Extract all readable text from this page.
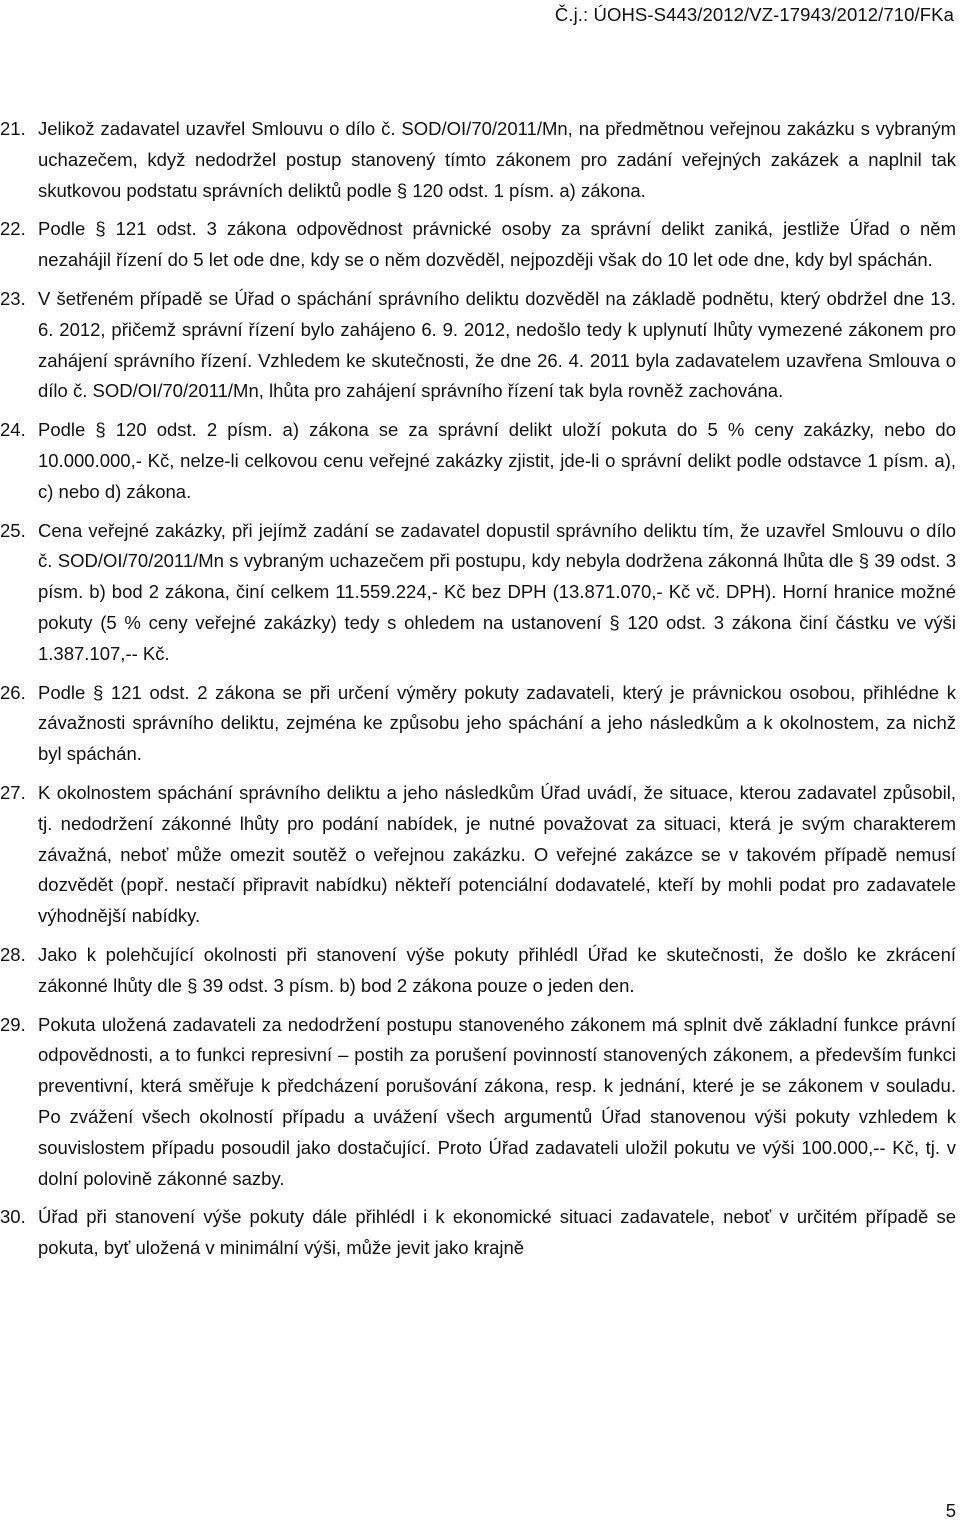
Č.j.: ÚOHS-S443/2012/VZ-17943/2012/710/FKa
21. Jelikož zadavatel uzavřel Smlouvu o dílo č. SOD/OI/70/2011/Mn, na předmětnou veřejnou zakázku s vybraným uchazečem, když nedodržel postup stanovený tímto zákonem pro zadání veřejných zakázek a naplnil tak skutkovou podstatu správních deliktů podle § 120 odst. 1 písm. a) zákona.
22. Podle § 121 odst. 3 zákona odpovědnost právnické osoby za správní delikt zaniká, jestliže Úřad o něm nezahájil řízení do 5 let ode dne, kdy se o něm dozvěděl, nejpozději však do 10 let ode dne, kdy byl spáchán.
23. V šetřeném případě se Úřad o spáchání správního deliktu dozvěděl na základě podnětu, který obdržel dne 13. 6. 2012, přičemž správní řízení bylo zahájeno 6. 9. 2012, nedošlo tedy k uplynutí lhůty vymezené zákonem pro zahájení správního řízení. Vzhledem ke skutečnosti, že dne 26. 4. 2011 byla zadavatelem uzavřena Smlouva o dílo č. SOD/OI/70/2011/Mn, lhůta pro zahájení správního řízení tak byla rovněž zachována.
24. Podle § 120 odst. 2 písm. a) zákona se za správní delikt uloží pokuta do 5 % ceny zakázky, nebo do 10.000.000,- Kč, nelze-li celkovou cenu veřejné zakázky zjistit, jde-li o správní delikt podle odstavce 1 písm. a), c) nebo d) zákona.
25. Cena veřejné zakázky, při jejímž zadání se zadavatel dopustil správního deliktu tím, že uzavřel Smlouvu o dílo č. SOD/OI/70/2011/Mn s vybraným uchazečem při postupu, kdy nebyla dodržena zákonná lhůta dle § 39 odst. 3 písm. b) bod 2 zákona, činí celkem 11.559.224,- Kč bez DPH (13.871.070,- Kč vč. DPH). Horní hranice možné pokuty (5 % ceny veřejné zakázky) tedy s ohledem na ustanovení § 120 odst. 3 zákona činí částku ve výši 1.387.107,-- Kč.
26. Podle § 121 odst. 2 zákona se při určení výměry pokuty zadavateli, který je právnickou osobou, přihlédne k závažnosti správního deliktu, zejména ke způsobu jeho spáchání a jeho následkům a k okolnostem, za nichž byl spáchán.
27. K okolnostem spáchání správního deliktu a jeho následkům Úřad uvádí, že situace, kterou zadavatel způsobil, tj. nedodržení zákonné lhůty pro podání nabídek, je nutné považovat za situaci, která je svým charakterem závažná, neboť může omezit soutěž o veřejnou zakázku. O veřejné zakázce se v takovém případě nemusí dozvědět (popř. nestačí připravit nabídku) někteří potenciální dodavatelé, kteří by mohli podat pro zadavatele výhodnější nabídky.
28. Jako k polehčující okolnosti při stanovení výše pokuty přihlédl Úřad ke skutečnosti, že došlo ke zkrácení zákonné lhůty dle § 39 odst. 3 písm. b) bod 2 zákona pouze o jeden den.
29. Pokuta uložená zadavateli za nedodržení postupu stanoveného zákonem má splnit dvě základní funkce právní odpovědnosti, a to funkci represivní – postih za porušení povinností stanovených zákonem, a především funkci preventivní, která směřuje k předcházení porušování zákona, resp. k jednání, které je se zákonem v souladu. Po zvážení všech okolností případu a uvážení všech argumentů Úřad stanovenou výši pokuty vzhledem k souvislostem případu posoudil jako dostačující. Proto Úřad zadavateli uložil pokutu ve výši 100.000,-- Kč, tj. v dolní polovině zákonné sazby.
30. Úřad při stanovení výše pokuty dále přihlédl i k ekonomické situaci zadavatele, neboť v určitém případě se pokuta, byť uložená v minimální výši, může jevit jako krajně
5
